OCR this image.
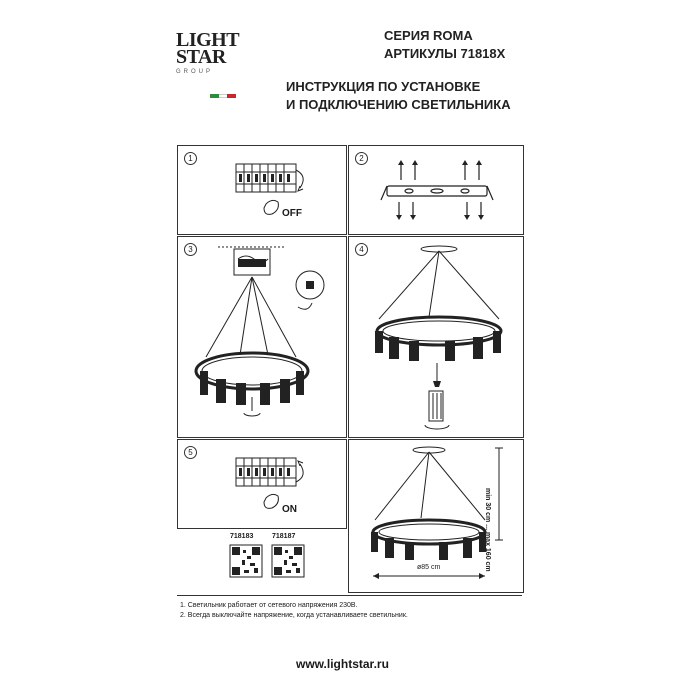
LIGHT
STAR
GROUP
СЕРИЯ ROMA
АРТИКУЛЫ 71818X
ИНСТРУКЦИЯ ПО УСТАНОВКЕ
И ПОДКЛЮЧЕНИЮ СВЕТИЛЬНИКА
1
OFF
2
3	4
5
ON	min 30 cm ... max 160 cm
ø85 cm
718183	718187
1. Светильник работает от сетевого напряжения 230В.
2. Всегда выключайте напряжение, когда устанавливаете светильник.
www.lightstar.ru
